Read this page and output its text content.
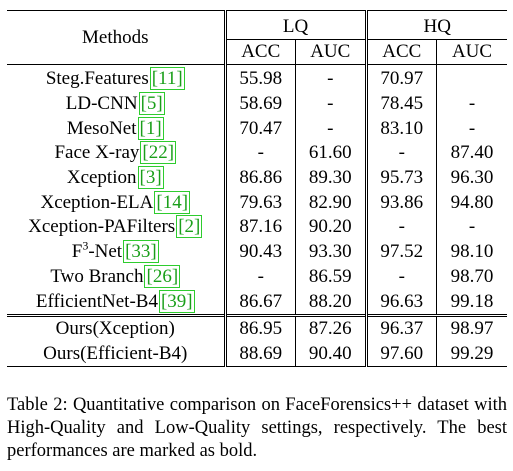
Methods	LQ		HQ	
	ACC	AUC	ACC	AUC
Steg.Features [11]	55.98	-	70.97	
LD-CNN [5]	58.69	-	78.45	-
MesoNet [1]	70.47	-	83.10	-
Face X-ray [22]	-	61.60	-	87.40
Xception [3]	86.86	89.30	95.73	96.30
Xception-ELA [14]	79.63	82.90	93.86	94.80
Xception-PAFilters [2]	87.16	90.20	-	-
$F^3$-Net [33]	90.43	93.30	97.52	98.10
Two Branch [26]	-	86.59	-	98.70
EfficientNet-B4 [39]	86.67	88.20	96.63	99.18
Ours(Xception)	86.95	87.26	96.37	98.97
Ours(Efficient-B4)	88.69	90.40	97.60	99.29
Table 2: Quantitative comparison on FaceForensics++ dataset with High-Quality and Low-Quality settings, respectively. The best performances are marked as bold.
